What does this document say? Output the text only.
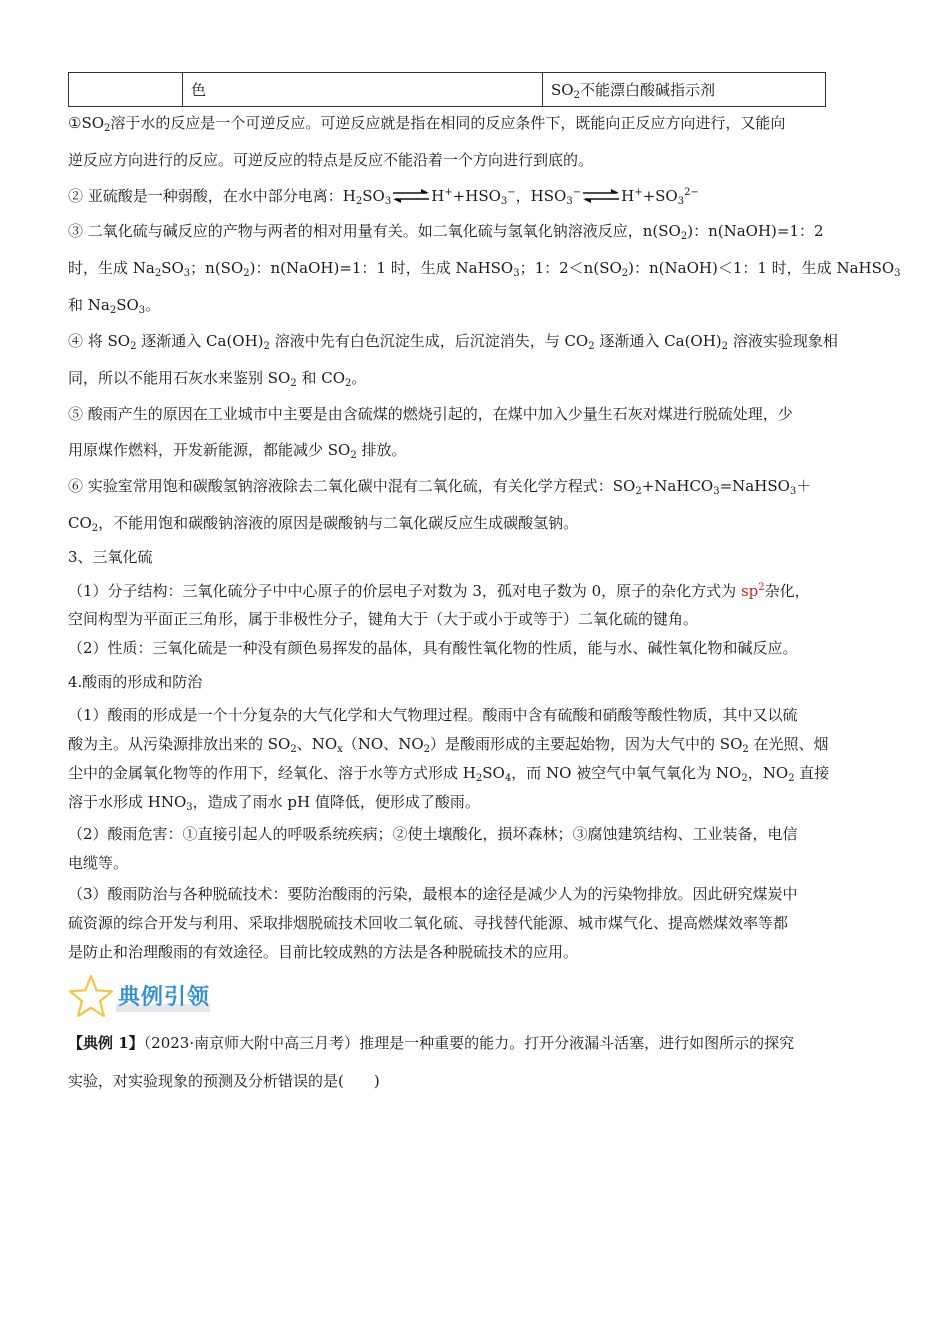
色	$SO_2$不能漂白酸碱指示剂
$①SO_2$溶于水的反应是一个可逆反应。可逆反应就是指在相同的反应条件下，既能向正反应方向进行，又能向
逆反应方向进行的反应。可逆反应的特点是反应不能沿着一个方向进行到底的。
② 亚硫酸是一种弱酸，在水中部分电离：$H_2SO_3\rightleftharpoons H^++HSO_3^-$，$HSO_3^-\rightleftharpoons H^++SO_3^{2-}$
③ 二氧化硫与碱反应的产物与两者的相对用量有关。如二氧化硫与氢氧化钠溶液反应，$n(SO_2)$：n(NaOH)=1：2
时，生成 $Na_2SO_3$；$n(SO_2)$：n(NaOH)=1：1 时，生成 NaHSO$_3$；1：$2<n(SO_2)$：n(NaOH)＜1：1 时，生成 NaHSO$_3$
和 $Na_2SO_3$。
④ 将 $SO_2$ 逐渐通入 $Ca(OH)_2$ 溶液中先有白色沉淀生成，后沉淀消失，与 $CO_2$ 逐渐通入 $Ca(OH)_2$ 溶液实验现象相
同，所以不能用石灰水来鉴别 $SO_2$ 和 $CO_2$。
⑤ 酸雨产生的原因在工业城市中主要是由含硫煤的燃烧引起的，在煤中加入少量生石灰对煤进行脱硫处理，少
用原煤作燃料，开发新能源，都能减少 $SO_2$ 排放。
⑥ 实验室常用饱和碳酸氢钠溶液除去二氧化碳中混有二氧化硫，有关化学方程式：$SO_2+NaHCO_3=NaHSO_3+$
$CO_2$，不能用饱和碳酸钠溶液的原因是碳酸钠与二氧化碳反应生成碳酸氢钠。
3、三氧化硫
（1）分子结构：三氧化硫分子中中心原子的价层电子对数为 3，孤对电子数为 0，原子的杂化方式为 $sp^2$杂化，
空间构型为平面正三角形，属于非极性分子，键角大于（大于或小于或等于）二氧化硫的键角。
（2）性质：三氧化硫是一种没有颜色易挥发的晶体，具有酸性氧化物的性质，能与水、碱性氧化物和碱反应。
4.酸雨的形成和防治
（1）酸雨的形成是一个十分复杂的大气化学和大气物理过程。酸雨中含有硫酸和硝酸等酸性物质，其中又以硫
酸为主。从污染源排放出来的 $SO_2$、$NO_x(NO$、$NO_2$）是酸雨形成的主要起始物，因为大气中的 $SO_2$ 在光照、烟
尘中的金属氧化物等的作用下，经氧化、溶于水等方式形成 $H_2SO_4$，而 NO 被空气中氧气氧化为 $NO_2$，$NO_2$ 直接
溶于水形成 $HNO_3$，造成了雨水 pH 值降低，便形成了酸雨。
（2）酸雨危害：①直接引起人的呼吸系统疾病；②使土壤酸化，损坏森林；③腐蚀建筑结构、工业装备，电信
电缆等。
（3）酸雨防治与各种脱硫技术：要防治酸雨的污染，最根本的途径是减少人为的污染物排放。因此研究煤炭中
硫资源的综合开发与利用、采取排烟脱硫技术回收二氧化硫、寻找替代能源、城市煤气化、提高燃煤效率等都
是防止和治理酸雨的有效途径。目前比较成熟的方法是各种脱硫技术的应用。
典例引领
【典例 1】（2023·南京师大附中高三月考）推理是一种重要的能力。打开分液漏斗活塞，进行如图所示的探究
实验，对实验现象的预测及分析错误的是(　　)
